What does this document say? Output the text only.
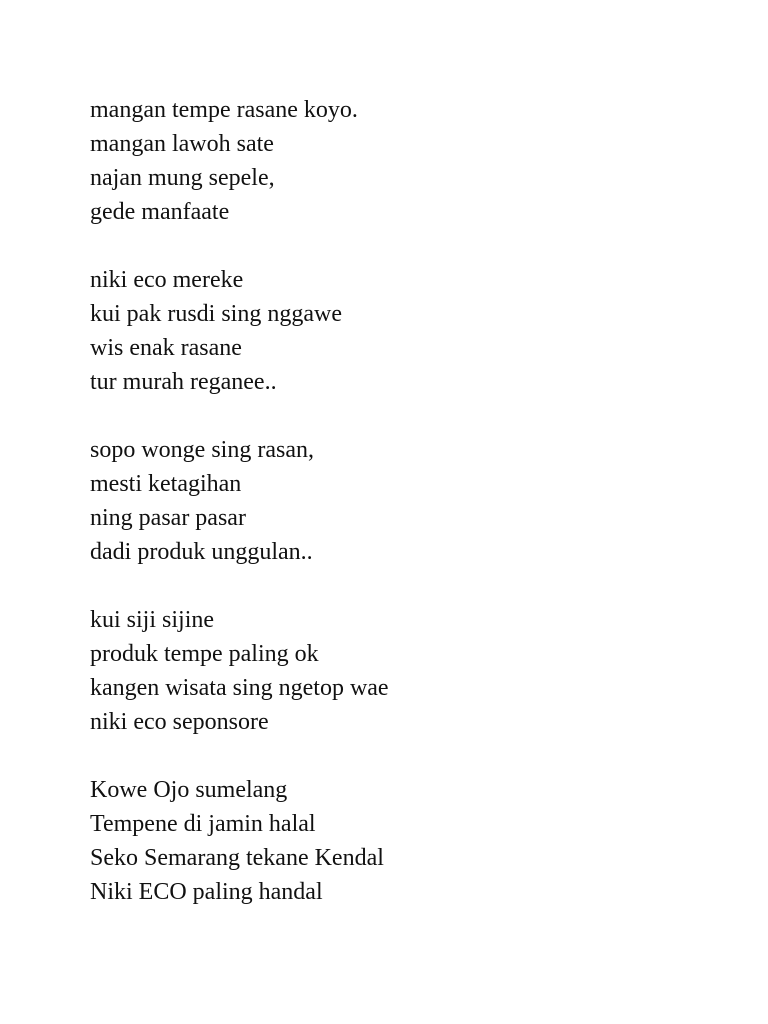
mangan tempe rasane koyo.
mangan lawoh sate
najan mung sepele,
gede manfaate
niki eco mereke
kui pak rusdi sing nggawe
wis enak rasane
tur murah reganee..
sopo wonge sing rasan,
mesti ketagihan
ning pasar pasar
dadi produk unggulan..
kui siji sijine
produk tempe paling ok
kangen wisata sing ngetop wae
niki eco seponsore
Kowe Ojo sumelang
Tempene di jamin halal
Seko Semarang tekane Kendal
Niki ECO paling handal
